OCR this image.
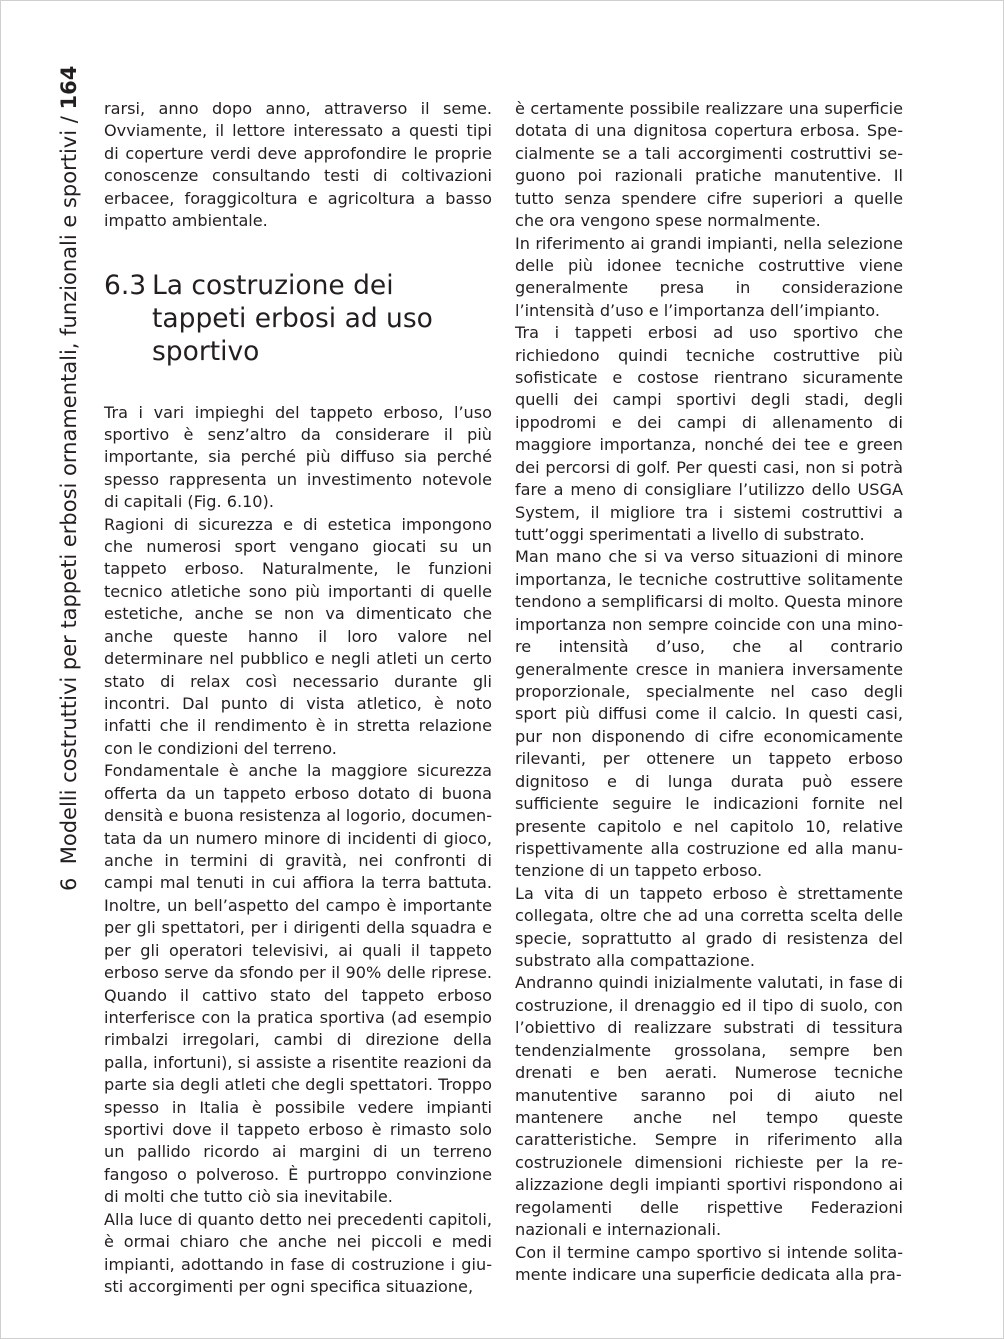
6  Modelli costruttivi per tappeti erbosi ornamentali, funzionali e sportivi / 164 rarsi, anno dopo anno, attraverso il seme. Ovviamente, il lettore interessato a questi tipi di coperture verdi deve approfondire le proprie conoscenze consultando testi di coltivazioni erbacee, foraggicoltura e agricoltura a basso impatto ambientale.

6.3 La costruzione dei tappeti erbosi ad uso sportivo

Tra i vari impieghi del tappeto erboso, l’uso sportivo è senz’altro da considerare il più importante, sia perché più diffuso sia perché spesso rappresenta un investimento notevole di capitali (Fig. 6.10).

Ragioni di sicurezza e di estetica impongono che numerosi sport vengano giocati su un tappeto erboso. Naturalmente, le funzioni tecnico atletiche sono più importanti di quelle estetiche, anche se non va dimenticato che anche queste hanno il loro valore nel determinare nel pubblico e negli atleti un certo stato di relax così necessario durante gli incontri. Dal punto di vista atletico, è noto infatti che il rendimento è in stretta relazione con le condizioni del terreno.

Fondamentale è anche la maggiore sicurezza offerta da un tappeto erboso dotato di buona densità e buona resistenza al logorio, documentata da un numero minore di incidenti di gioco, anche in termini di gravità, nei confronti di campi mal tenuti in cui affiora la terra battuta. Inoltre, un bell’aspetto del campo è importante per gli spettatori, per i dirigenti della squadra e per gli operatori televisivi, ai quali il tappeto erboso serve da sfondo per il 90% delle riprese. Quando il cattivo stato del tappeto erboso interferisce con la pratica sportiva (ad esempio rimbalzi irregolari, cambi di direzione della palla, infortuni), si assiste a risentite reazioni da parte sia degli atleti che degli spettatori. Troppo spesso in Italia è possibile vedere impianti sportivi dove il tappeto erboso è rimasto solo un pallido ricordo ai margini di un terreno fangoso o polveroso. È purtroppo convinzione di molti che tutto ciò sia inevitabile.

Alla luce di quanto detto nei precedenti capitoli, è ormai chiaro che anche nei piccoli e medi impianti, adottando in fase di costruzione i giusti accorgimenti per ogni specifica situazione,

è certamente possibile realizzare una superficie dotata di una dignitosa copertura erbosa. Specialmente se a tali accorgimenti costruttivi seguono poi razionali pratiche manutentive. Il tutto senza spendere cifre superiori a quelle che ora vengono spese normalmente.

In riferimento ai grandi impianti, nella selezione delle più idonee tecniche costruttive viene generalmente presa in considerazione l’intensità d’uso e l’importanza dell’impianto.

Tra i tappeti erbosi ad uso sportivo che richiedono quindi tecniche costruttive più sofisticate e costose rientrano sicuramente quelli dei campi sportivi degli stadi, degli ippodromi e dei campi di allenamento di maggiore importanza, nonché dei tee e green dei percorsi di golf. Per questi casi, non si potrà fare a meno di consigliare l’utilizzo dello USGA System, il migliore tra i sistemi costruttivi a tutt’oggi sperimentati a livello di substrato.

Man mano che si va verso situazioni di minore importanza, le tecniche costruttive solitamente tendono a semplificarsi di molto. Questa minore importanza non sempre coincide con una minore intensità d’uso, che al contrario generalmente cresce in maniera inversamente proporzionale, specialmente nel caso degli sport più diffusi come il calcio. In questi casi, pur non disponendo di cifre economicamente rilevanti, per ottenere un tappeto erboso dignitoso e di lunga durata può essere sufficiente seguire le indicazioni fornite nel presente capitolo e nel capitolo 10, relative rispettivamente alla costruzione ed alla manutenzione di un tappeto erboso.

La vita di un tappeto erboso è strettamente collegata, oltre che ad una corretta scelta delle specie, soprattutto al grado di resistenza del substrato alla compattazione.

Andranno quindi inizialmente valutati, in fase di costruzione, il drenaggio ed il tipo di suolo, con l’obiettivo di realizzare substrati di tessitura tendenzialmente grossolana, sempre ben drenati e ben aerati. Numerose tecniche manutentive saranno poi di aiuto nel mantenere anche nel tempo queste caratteristiche. Sempre in riferimento alla costruzionele dimensioni richieste per la realizzazione degli impianti sportivi rispondono ai regolamenti delle rispettive Federazioni nazionali e internazionali.

Con il termine campo sportivo si intende solitamente indicare una superficie dedicata alla pra-
